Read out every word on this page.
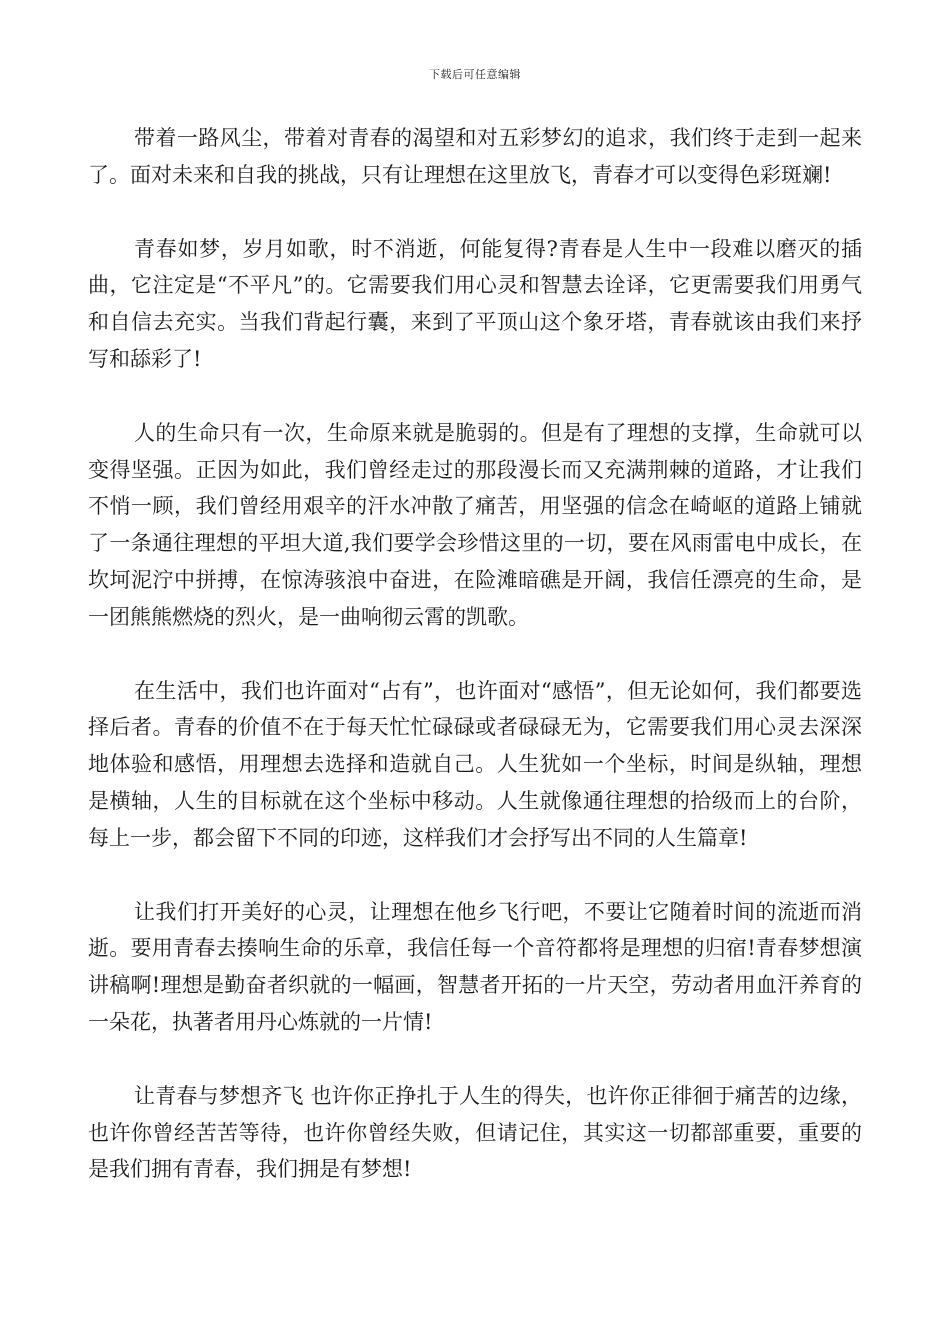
下载后可任意编辑

带着一路风尘，带着对青春的渴望和对五彩梦幻的追求，我们终于走到一起来了。面对未来和自我的挑战，只有让理想在这里放飞，青春才可以变得色彩斑斓!

青春如梦，岁月如歌，时不消逝，何能复得?青春是人生中一段难以磨灭的插曲，它注定是“不平凡”的。它需要我们用心灵和智慧去诠译，它更需要我们用勇气和自信去充实。当我们背起行囊，来到了平顶山这个象牙塔，青春就该由我们来抒写和舔彩了!

人的生命只有一次，生命原来就是脆弱的。但是有了理想的支撑，生命就可以变得坚强。正因为如此，我们曾经走过的那段漫长而又充满荆棘的道路，才让我们不悄一顾，我们曾经用艰辛的汗水冲散了痛苦，用坚强的信念在崎岖的道路上铺就了一条通往理想的平坦大道,我们要学会珍惜这里的一切，要在风雨雷电中成长，在坎坷泥泞中拼搏，在惊涛骇浪中奋进，在险滩暗礁是开阔，我信任漂亮的生命，是一团熊熊燃烧的烈火，是一曲响彻云霄的凯歌。

在生活中，我们也许面对“占有”，也许面对“感悟”，但无论如何，我们都要选择后者。青春的价值不在于每天忙忙碌碌或者碌碌无为，它需要我们用心灵去深深地体验和感悟，用理想去选择和造就自己。人生犹如一个坐标，时间是纵轴，理想是横轴，人生的目标就在这个坐标中移动。人生就像通往理想的拾级而上的台阶，每上一步，都会留下不同的印迹，这样我们才会抒写出不同的人生篇章!

让我们打开美好的心灵，让理想在他乡飞行吧，不要让它随着时间的流逝而消逝。要用青春去揍响生命的乐章，我信任每一个音符都将是理想的归宿!青春梦想演讲稿啊!理想是勤奋者织就的一幅画，智慧者开拓的一片天空，劳动者用血汗养育的一朵花，执著者用丹心炼就的一片情!

让青春与梦想齐飞 也许你正挣扎于人生的得失，也许你正徘徊于痛苦的边缘，也许你曾经苦苦等待，也许你曾经失败，但请记住，其实这一切都部重要，重要的是我们拥有青春，我们拥是有梦想!
